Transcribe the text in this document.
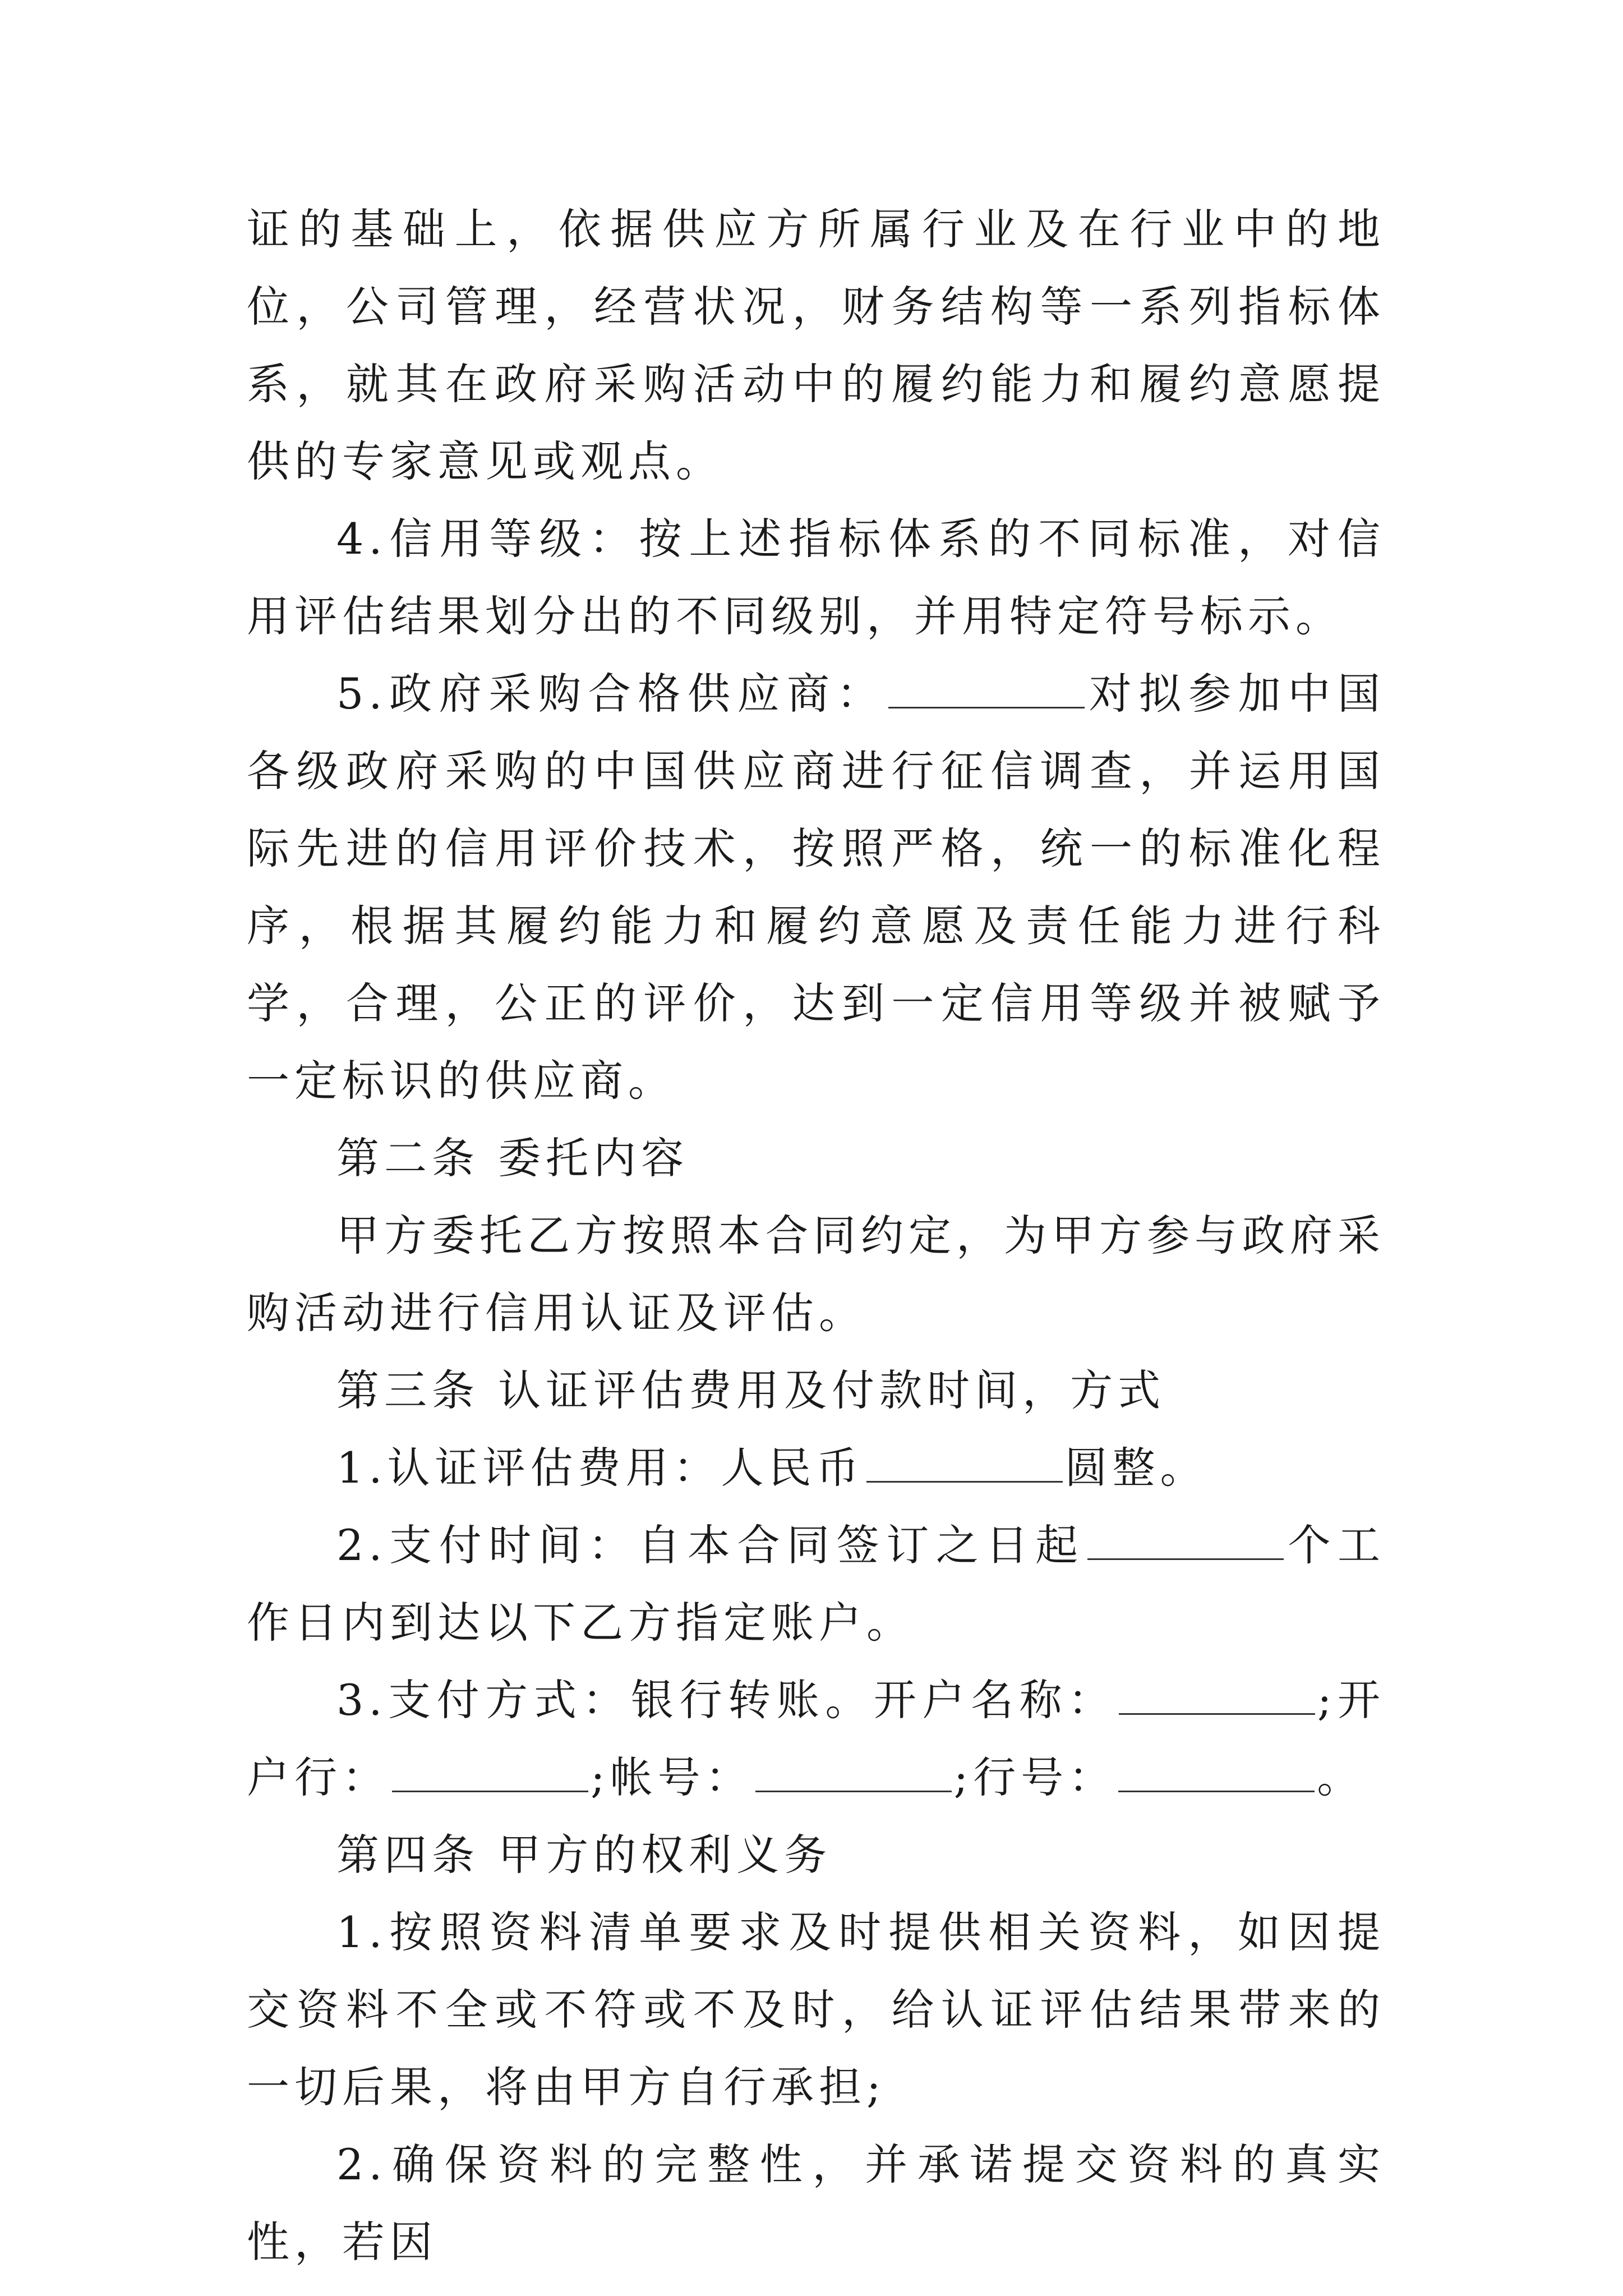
证的基础上，依据供应方所属行业及在行业中的地位，公司管理，经营状况，财务结构等一系列指标体系，就其在政府采购活动中的履约能力和履约意愿提供的专家意见或观点。

4.信用等级：按上述指标体系的不同标准，对信用评估结果划分出的不同级别，并用特定符号标示。

5.政府采购合格供应商：	对拟参加中国各级政府采购的中国供应商进行征信调查，并运用国际先进的信用评价技术，按照严格，统一的标准化程序，根据其履约能力和履约意愿及责任能力进行科学，合理，公正的评价，达到一定信用等级并被赋予一定标识的供应商。

第二条 委托内容

甲方委托乙方按照本合同约定，为甲方参与政府采购活动进行信用认证及评估。

第三条 认证评估费用及付款时间，方式

1.认证评估费用：人民币	圆整。

2.支付时间：自本合同签订之日起	个工作日内到达以下乙方指定账户。

3.支付方式：银行转账。开户名称：	;开户行：	;帐号：	;行号：	。

第四条 甲方的权利义务

1.按照资料清单要求及时提供相关资料，如因提交资料不全或不符或不及时，给认证评估结果带来的一切后果，将由甲方自行承担;

2.确保资料的完整性，并承诺提交资料的真实性，若因
